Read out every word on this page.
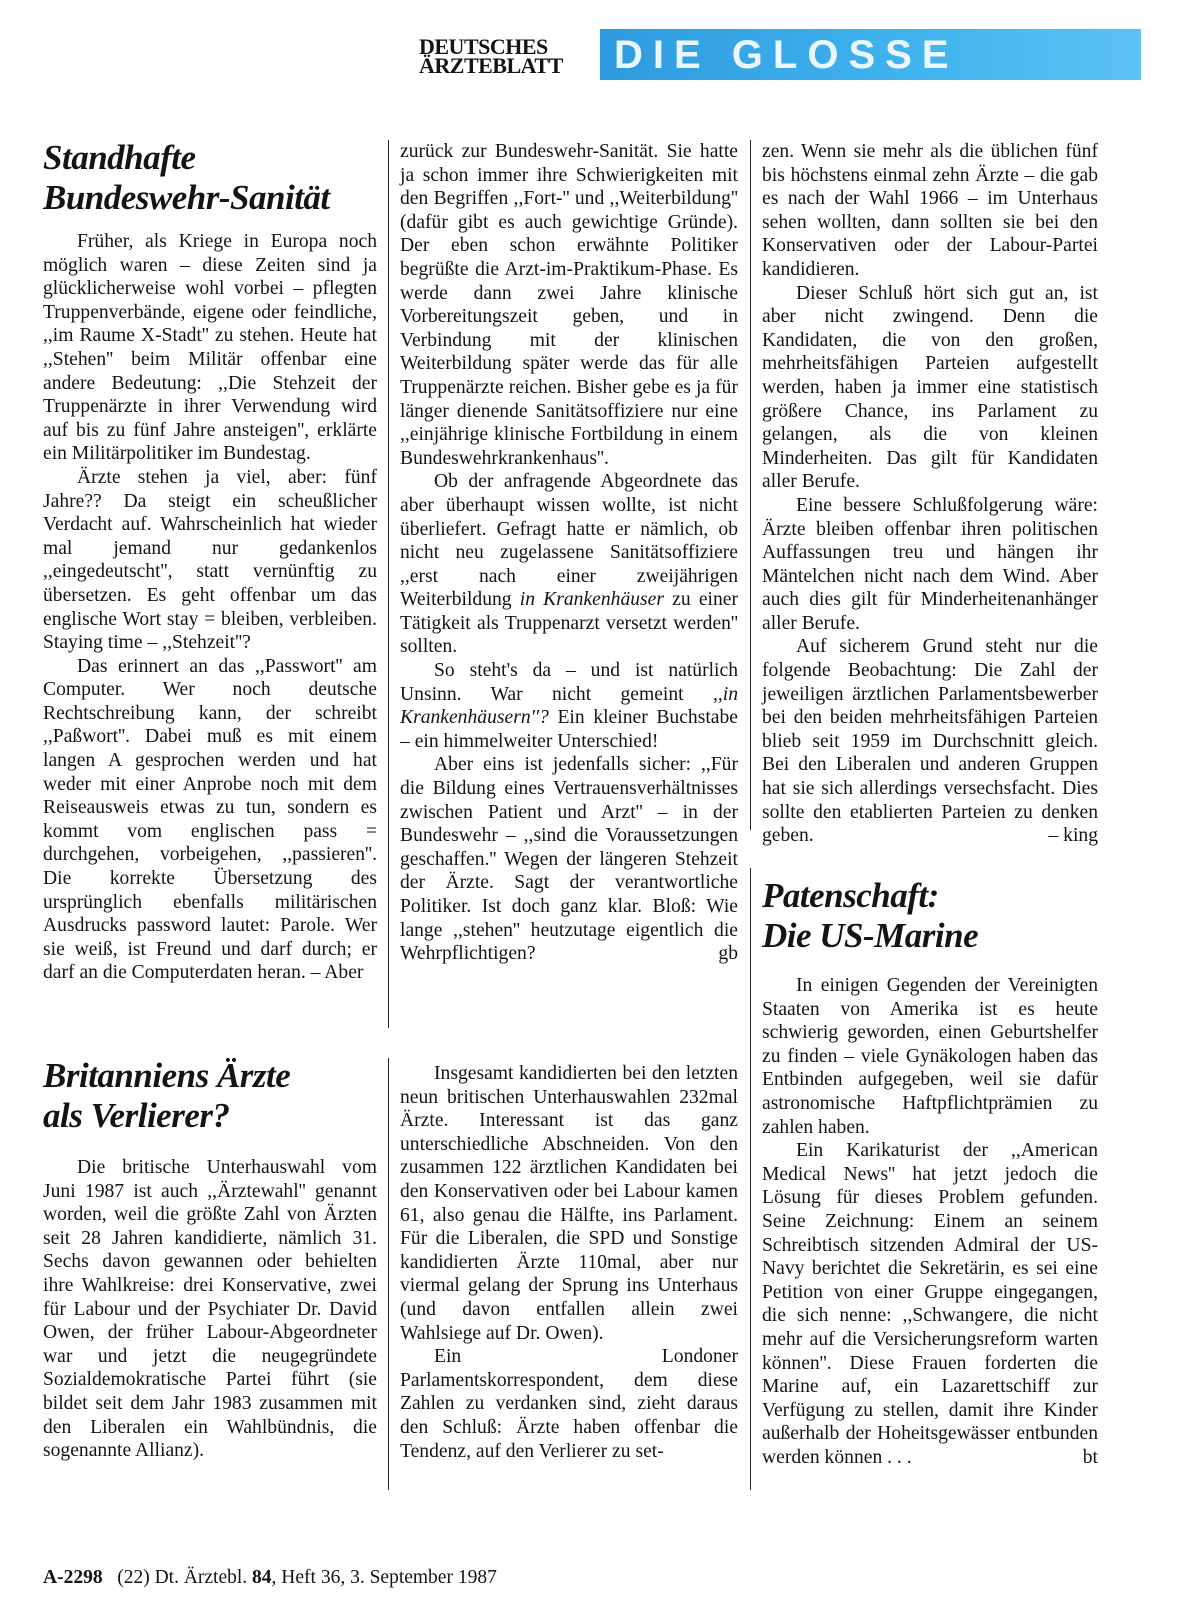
DEUTSCHES
ÄRZTEBLATT	DIE GLOSSE
Standhafte
Bundeswehr-Sanität

Früher, als Kriege in Europa noch möglich waren – diese Zeiten sind ja glücklicherweise wohl vorbei – pflegten Truppenverbände, eigene oder feindliche, ,,im Raume X-Stadt'' zu stehen. Heute hat ,,Stehen'' beim Militär offenbar eine andere Bedeutung: ,,Die Stehzeit der Truppenärzte in ihrer Verwendung wird auf bis zu fünf Jahre ansteigen'', erklärte ein Militärpolitiker im Bundestag.

Ärzte stehen ja viel, aber: fünf Jahre?? Da steigt ein scheußlicher Verdacht auf. Wahrscheinlich hat wieder mal jemand nur gedankenlos ,,eingedeutscht'', statt vernünftig zu übersetzen. Es geht offenbar um das englische Wort stay = bleiben, verbleiben. Staying time – ,,Stehzeit''?

Das erinnert an das ,,Passwort'' am Computer. Wer noch deutsche Rechtschreibung kann, der schreibt ,,Paßwort''. Dabei muß es mit einem langen A gesprochen werden und hat weder mit einer Anprobe noch mit dem Reiseausweis etwas zu tun, sondern es kommt vom englischen pass = durchgehen, vorbeigehen, ,,passieren''. Die korrekte Übersetzung des ursprünglich ebenfalls militärischen Ausdrucks password lautet: Parole. Wer sie weiß, ist Freund und darf durch; er darf an die Computerdaten heran. – Aber

zurück zur Bundeswehr-Sanität. Sie hatte ja schon immer ihre Schwierigkeiten mit den Begriffen ,,Fort-'' und ,,Weiterbildung'' (dafür gibt es auch gewichtige Gründe). Der eben schon erwähnte Politiker begrüßte die Arzt-im-Praktikum-Phase. Es werde dann zwei Jahre klinische Vorbereitungszeit geben, und in Verbindung mit der klinischen Weiterbildung später werde das für alle Truppenärzte reichen. Bisher gebe es ja für länger dienende Sanitätsoffiziere nur eine ,,einjährige klinische Fortbildung in einem Bundeswehrkrankenhaus''.

Ob der anfragende Abgeordnete das aber überhaupt wissen wollte, ist nicht überliefert. Gefragt hatte er nämlich, ob nicht neu zugelassene Sanitätsoffiziere ,,erst nach einer zweijährigen Weiterbildung in Krankenhäuser zu einer Tätigkeit als Truppenarzt versetzt werden'' sollten.

So steht's da – und ist natürlich Unsinn. War nicht gemeint ,,in Krankenhäusern''? Ein kleiner Buchstabe – ein himmelweiter Unterschied!

Aber eins ist jedenfalls sicher: ,,Für die Bildung eines Vertrauensverhältnisses zwischen Patient und Arzt'' – in der Bundeswehr – ,,sind die Voraussetzungen geschaffen.'' Wegen der längeren Stehzeit der Ärzte. Sagt der verantwortliche Politiker. Ist doch ganz klar. Bloß: Wie lange ,,stehen'' heutzutage eigentlich die Wehrpflichtigen?	gb

zen. Wenn sie mehr als die üblichen fünf bis höchstens einmal zehn Ärzte – die gab es nach der Wahl 1966 – im Unterhaus sehen wollten, dann sollten sie bei den Konservativen oder der Labour-Partei kandidieren.

Dieser Schluß hört sich gut an, ist aber nicht zwingend. Denn die Kandidaten, die von den großen, mehrheitsfähigen Parteien aufgestellt werden, haben ja immer eine statistisch größere Chance, ins Parlament zu gelangen, als die von kleinen Minderheiten. Das gilt für Kandidaten aller Berufe.

Eine bessere Schlußfolgerung wäre: Ärzte bleiben offenbar ihren politischen Auffassungen treu und hängen ihr Mäntelchen nicht nach dem Wind. Aber auch dies gilt für Minderheitenanhänger aller Berufe.

Auf sicherem Grund steht nur die folgende Beobachtung: Die Zahl der jeweiligen ärztlichen Parlamentsbewerber bei den beiden mehrheitsfähigen Parteien blieb seit 1959 im Durchschnitt gleich. Bei den Liberalen und anderen Gruppen hat sie sich allerdings versechsfacht. Dies sollte den etablierten Parteien zu denken geben.	– king

Britanniens Ärzte
als Verlierer?

Die britische Unterhauswahl vom Juni 1987 ist auch ,,Ärztewahl'' genannt worden, weil die größte Zahl von Ärzten seit 28 Jahren kandidierte, nämlich 31. Sechs davon gewannen oder behielten ihre Wahlkreise: drei Konservative, zwei für Labour und der Psychiater Dr. David Owen, der früher Labour-Abgeordneter war und jetzt die neugegründete Sozialdemokratische Partei führt (sie bildet seit dem Jahr 1983 zusammen mit den Liberalen ein Wahlbündnis, die sogenannte Allianz).

Insgesamt kandidierten bei den letzten neun britischen Unterhauswahlen 232mal Ärzte. Interessant ist das ganz unterschiedliche Abschneiden. Von den zusammen 122 ärztlichen Kandidaten bei den Konservativen oder bei Labour kamen 61, also genau die Hälfte, ins Parlament. Für die Liberalen, die SPD und Sonstige kandidierten Ärzte 110mal, aber nur viermal gelang der Sprung ins Unterhaus (und davon entfallen allein zwei Wahlsiege auf Dr. Owen).

Ein Londoner Parlamentskorrespondent, dem diese Zahlen zu verdanken sind, zieht daraus den Schluß: Ärzte haben offenbar die Tendenz, auf den Verlierer zu set-

Patenschaft:
Die US-Marine

In einigen Gegenden der Vereinigten Staaten von Amerika ist es heute schwierig geworden, einen Geburtshelfer zu finden – viele Gynäkologen haben das Entbinden aufgegeben, weil sie dafür astronomische Haftpflichtprämien zu zahlen haben.

Ein Karikaturist der ,,American Medical News'' hat jetzt jedoch die Lösung für dieses Problem gefunden. Seine Zeichnung: Einem an seinem Schreibtisch sitzenden Admiral der US-Navy berichtet die Sekretärin, es sei eine Petition von einer Gruppe eingegangen, die sich nenne: ,,Schwangere, die nicht mehr auf die Versicherungsreform warten können''. Diese Frauen forderten die Marine auf, ein Lazarettschiff zur Verfügung zu stellen, damit ihre Kinder außerhalb der Hoheitsgewässer entbunden werden können . . .	bt

A-2298 (22) Dt. Ärztebl. 84, Heft 36, 3. September 1987
